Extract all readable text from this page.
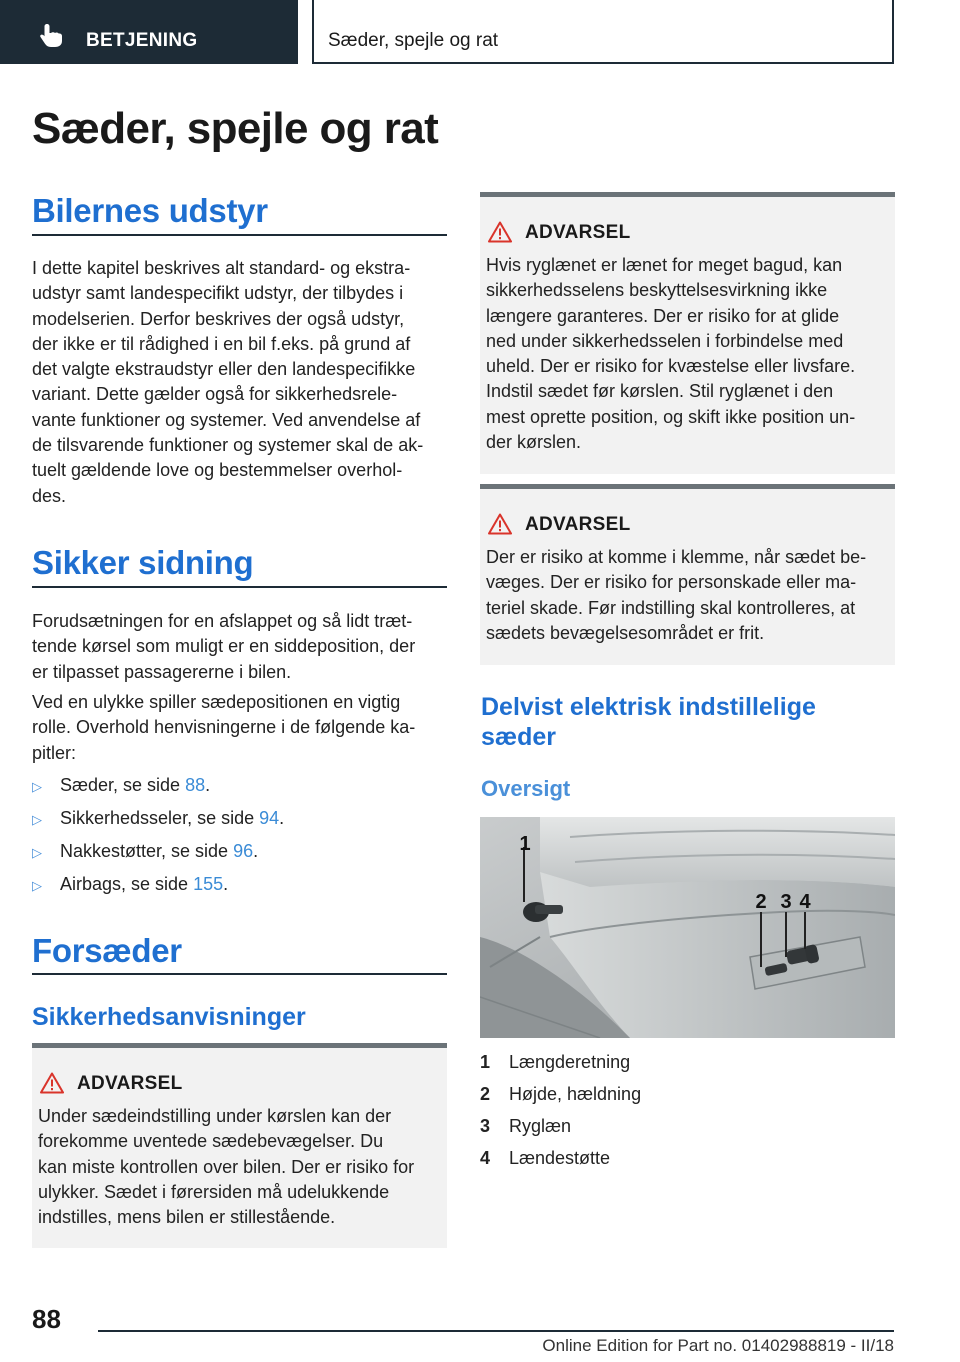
BETJENING	Sæder, spejle og rat
Sæder, spejle og rat
Bilernes udstyr

I dette kapitel beskrives alt standard- og ekstra-

udstyr samt landespecifikt udstyr, der tilbydes i

modelserien. Derfor beskrives der også udstyr,

der ikke er til rådighed i en bil f.eks. på grund af

det valgte ekstraudstyr eller den landespecifikke

variant. Dette gælder også for sikkerhedsrele-

vante funktioner og systemer. Ved anvendelse af

de tilsvarende funktioner og systemer skal de ak-

tuelt gældende love og bestemmelser overhol-

des.

Sikker sidning

Forudsætningen for en afslappet og så lidt træt-

tende kørsel som muligt er en siddeposition, der

er tilpasset passagererne i bilen.

Ved en ulykke spiller sædepositionen en vigtig

rolle. Overhold henvisningerne i de følgende ka-

pitler:

▷ Sæder, se side 88.
▷ Sikkerhedsseler, se side 94.
▷ Nakkestøtter, se side 96.
▷ Airbags, se side 155.
Forsæder
Sikkerhedsanvisninger
ADVARSEL

Under sædeindstilling under kørslen kan der

forekomme uventede sædebevægelser. Du

kan miste kontrollen over bilen. Der er risiko for

ulykker. Sædet i førersiden må udelukkende

indstilles, mens bilen er stillestående.

ADVARSEL

Hvis ryglænet er lænet for meget bagud, kan

sikkerhedsselens beskyttelsesvirkning ikke

længere garanteres. Der er risiko for at glide

ned under sikkerhedsselen i forbindelse med

uheld. Der er risiko for kvæstelse eller livsfare.

Indstil sædet før kørslen. Stil ryglænet i den

mest oprette position, og skift ikke position un-

der kørslen.

ADVARSEL

Der er risiko at komme i klemme, når sædet be-

væges. Der er risiko for personskade eller ma-

teriel skade. Før indstilling skal kontrolleres, at

sædets bevægelsesområdet er frit.

Delvist elektrisk indstillelige
sæder
Oversigt
1
2 3 4
1 Længderetning
2 Højde, hældning
3 Ryglæn
4 Lændestøtte
88
Online Edition for Part no. 01402988819 - II/18
